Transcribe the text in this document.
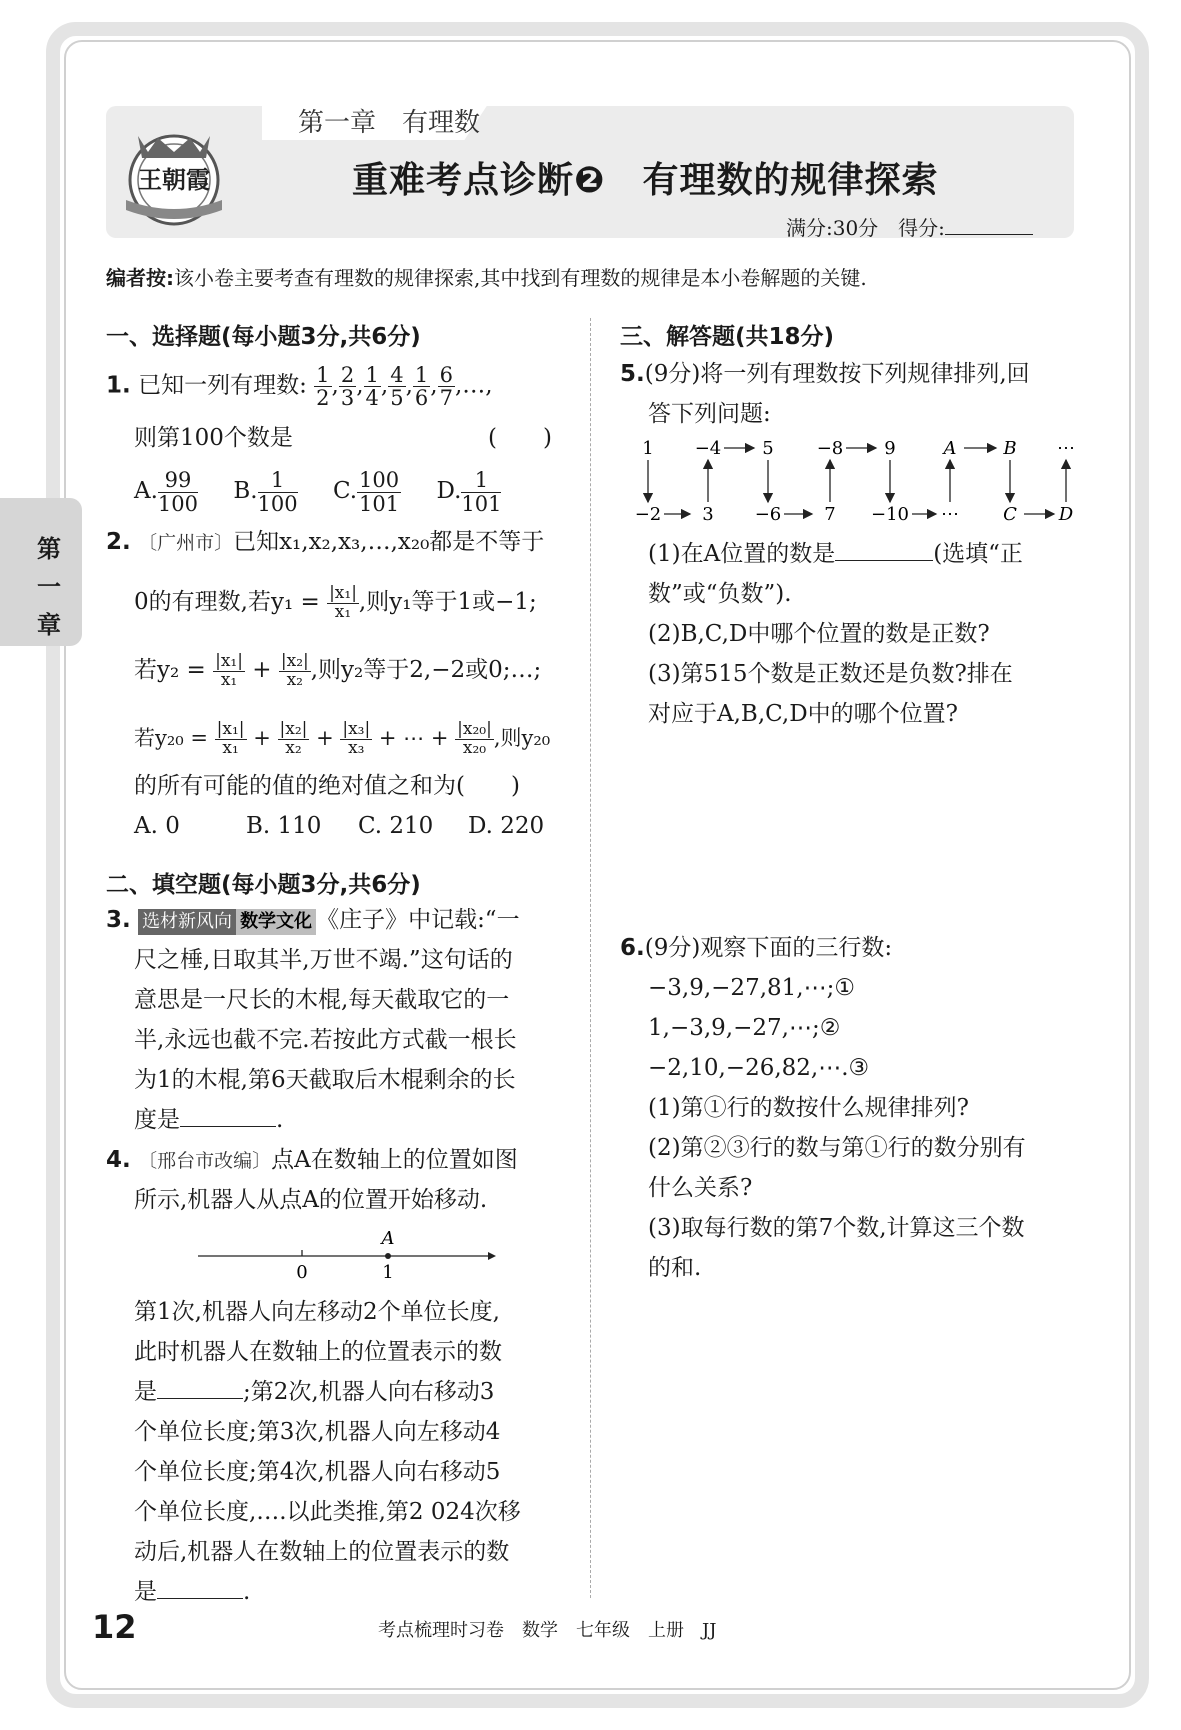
第一章　有理数
王朝霞	重难考点诊断❷　有理数的规律探索
满分:30分　得分:
编者按:该小卷主要考查有理数的规律探索,其中找到有理数的规律是本小卷解题的关键.
第一章
一、选择题(每小题3分,共6分)
1. 已知一列有理数: $\frac{1}{2}$ , $\frac{2}{3}$ , $\frac{1}{4}$ , $\frac{4}{5}$ , $\frac{1}{6}$ , $\frac{6}{7}$ ,…,
则第100个数是	(　　)
A. $\frac{99}{100} B$. $\frac{1}{100} C$. $\frac{100}{101} D$. $\frac{1}{101}$
2. 〔广州市〕已知x₁,x₂,x₃,…,x₂₀都是不等于
0的有理数,若$y_1 = \frac{\text{|x₁|}}{\text{x₁}}$ ,则y₁等于1或−1;
若$y_2 = \frac{\text{|x₁|}}{\text{x₁}} + \frac{\text{|x₂|}}{\text{x₂}}$ ,则y₂等于2,−2或0;…;
若$y_{20} = \frac{\text{|x₁|}}{\text{x₁}} + \frac{\text{|x₂|}}{\text{x₂}} + \frac{\text{|x₃|}}{\text{x₃}}$ + ⋯ + $\frac{\text{|x₂₀|}}{\text{x₂₀}}$ ,则y₂₀
的所有可能的值的绝对值之和为(　　)
A. 0	B. 110 C. 210 D. 220
二、填空题(每小题3分,共6分)
3. 选材新风向 数学文化 《庄子》中记载:“一
尺之棰,日取其半,万世不竭.”这句话的
意思是一尺长的木棍,每天截取它的一
半,永远也截不完.若按此方式截一根长
为1的木棍,第6天截取后木棍剩余的长
度是	.
4. 〔邢台市改编〕点A在数轴上的位置如图
所示,机器人从点A的位置开始移动.
A
0	1
第1次,机器人向左移动2个单位长度,
此时机器人在数轴上的位置表示的数
是	;第2次,机器人向右移动3
个单位长度;第3次,机器人向左移动4
个单位长度;第4次,机器人向右移动5
个单位长度,….以此类推,第2 024次移
动后,机器人在数轴上的位置表示的数
是	.
三、解答题(共18分)
5.(9分)将一列有理数按下列规律排列,回
答下列问题:
1 −4 5 −8 9	A	B ⋯
−2 3 −6 7 −10 ⋯ C D
(1)在A位置的数是	(选填“正
数”或“负数”).
(2)B,C,D中哪个位置的数是正数?
(3)第515个数是正数还是负数?排在
对应于A,B,C,D中的哪个位置?
6.(9分)观察下面的三行数:
−3,9,−27,81,⋯;①
1,−3,9,−27,⋯;②
−2,10,−26,82,⋯.③
(1)第①行的数按什么规律排列?
(2)第②③行的数与第①行的数分别有
什么关系?
(3)取每行数的第7个数,计算这三个数
的和.
12	考点梳理时习卷　数学　七年级　上册　JJ
